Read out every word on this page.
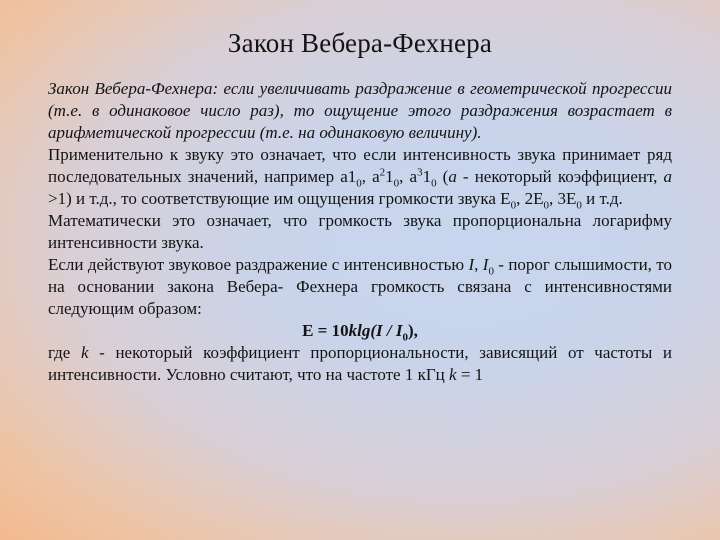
Закон Вебера-Фехнера

Закон Вебера-Фехнера: если увеличивать раздражение в геометрической прогрессии (т.е. в одинаковое число раз), то ощущение этого раздражения возрастает в арифметической прогрессии (т.е. на одинаковую величину).

Применительно к звуку это означает, что если интенсивность звука принимает ряд последовательных значений, например $a1_0$, $a^21_0$, $a^31_0$ (a - некоторый коэффициент, a >1) и т.д., то соответствующие им ощущения громкости звука $E_0$, $2E_0$, $3E_0$ и т.д.

Математически это означает, что громкость звука пропорциональна логарифму интенсивности звука.

Если действуют звуковое раздражение с интенсивностью I, $I_0$ - порог слышимости, то на основании закона Вебера- Фехнера громкость связана с интенсивностями следующим образом:

$E = 10klg(I / I_0)$,

где k - некоторый коэффициент пропорциональности, зависящий от частоты и интенсивности. Условно считают, что на частоте 1 кГц k = 1
